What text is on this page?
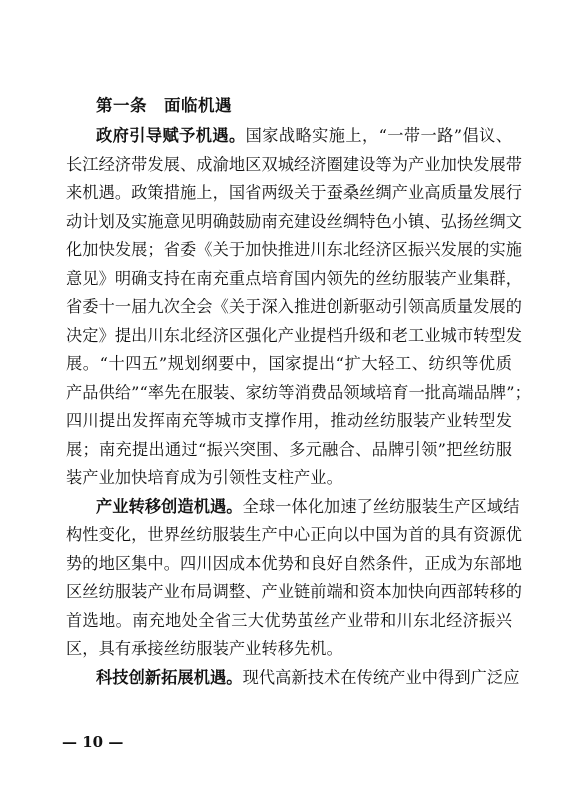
第一条　面临机遇
政府引导赋予机遇。国家战略实施上，“一带一路”倡议、
长江经济带发展、成渝地区双城经济圈建设等为产业加快发展带
来机遇。政策措施上，国省两级关于蚕桑丝绸产业高质量发展行
动计划及实施意见明确鼓励南充建设丝绸特色小镇、弘扬丝绸文
化加快发展；省委《关于加快推进川东北经济区振兴发展的实施
意见》明确支持在南充重点培育国内领先的丝纺服装产业集群，
省委十一届九次全会《关于深入推进创新驱动引领高质量发展的
决定》提出川东北经济区强化产业提档升级和老工业城市转型发
展。“十四五”规划纲要中，国家提出“扩大轻工、纺织等优质
产品供给”“率先在服装、家纺等消费品领域培育一批高端品牌”；
四川提出发挥南充等城市支撑作用，推动丝纺服装产业转型发
展；南充提出通过“振兴突围、多元融合、品牌引领”把丝纺服
装产业加快培育成为引领性支柱产业。
产业转移创造机遇。全球一体化加速了丝纺服装生产区域结
构性变化，世界丝纺服装生产中心正向以中国为首的具有资源优
势的地区集中。四川因成本优势和良好自然条件，正成为东部地
区丝纺服装产业布局调整、产业链前端和资本加快向西部转移的
首选地。南充地处全省三大优势茧丝产业带和川东北经济振兴
区，具有承接丝纺服装产业转移先机。
科技创新拓展机遇。现代高新技术在传统产业中得到广泛应
— 10 —
